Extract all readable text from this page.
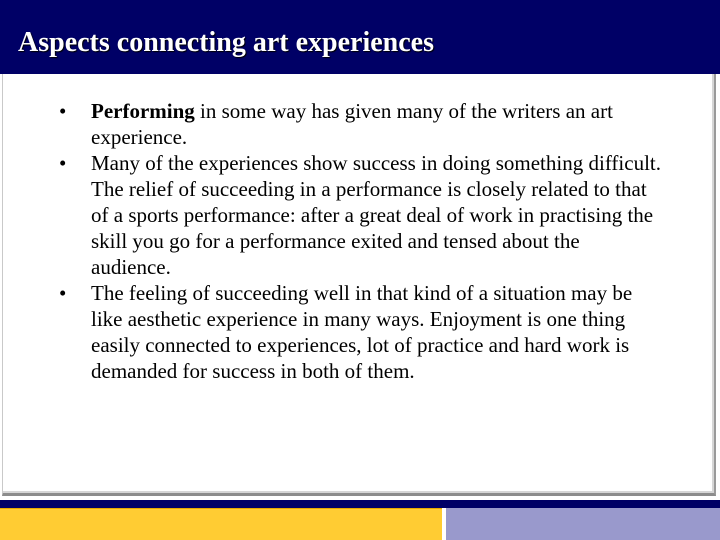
Aspects connecting art experiences
•	Performing in some way has given many of the writers an art experience.
•	Many of the experiences show success in doing something difficult. The relief of succeeding in a performance is closely related to that of a sports performance: after a great deal of work in practising the skill you go for a performance exited and tensed about the audience.
•	The feeling of succeeding well in that kind of a situation may be like aesthetic experience in many ways. Enjoyment is one thing easily connected to experiences, lot of practice and hard work is demanded for success in both of them.
